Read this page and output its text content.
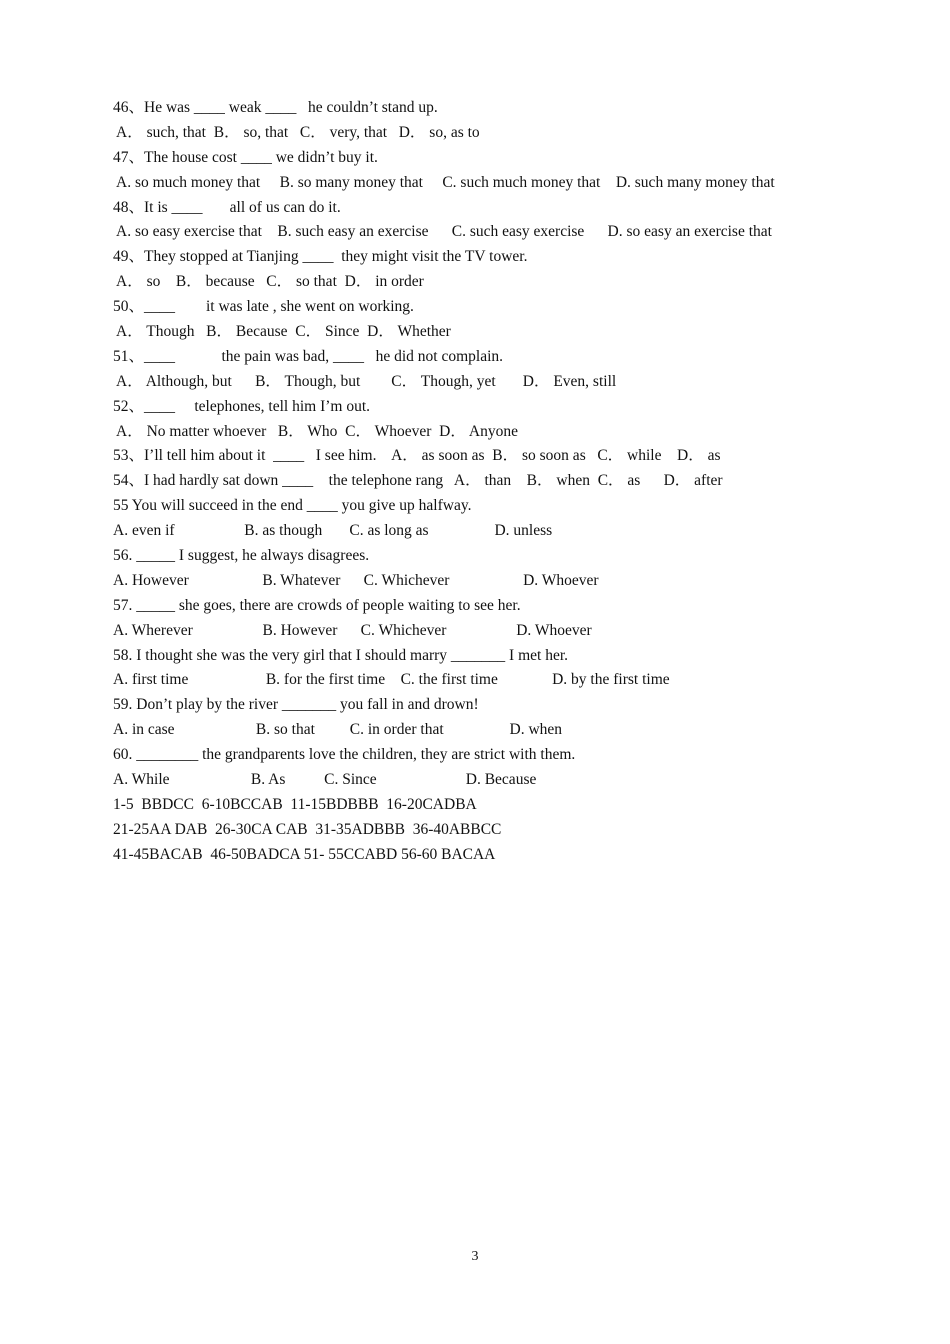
46、He was ____ weak ____   he couldn’t stand up.
A． such, that  B． so, that   C． very, that   D． so, as to
47、The house cost ____ we didn’t buy it.
A. so much money that     B. so many money that     C. such much money that    D. such many money that
48、It is ____       all of us can do it.
A. so easy exercise that    B. such easy an exercise      C. such easy exercise      D. so easy an exercise that
49、They stopped at Tianjing ____  they might visit the TV tower.
A． so    B． because   C． so that  D． in order
50、____        it was late , she went on working.
A． Though   B． Because  C． Since  D． Whether
51、____            the pain was bad, ____   he did not complain.
A． Although, but      B． Though, but        C． Though, yet       D． Even, still
52、____     telephones, tell him I’m out.
A． No matter whoever   B． Who  C． Whoever  D． Anyone
53、I’ll tell him about it  ____   I see him.    A． as soon as  B． so soon as   C． while    D． as
54、I had hardly sat down ____    the telephone rang   A． than    B． when  C． as      D． after
55 You will succeed in the end ____ you give up halfway.
A. even if                  B. as though       C. as long as                 D. unless
56. _____ I suggest, he always disagrees.
A. However                   B. Whatever      C. Whichever                   D. Whoever
57. _____ she goes, there are crowds of people waiting to see her.
A. Wherever                  B. However      C. Whichever                  D. Whoever
58. I thought she was the very girl that I should marry _______ I met her.
A. first time                    B. for the first time    C. the first time              D. by the first time
59. Don’t play by the river _______ you fall in and drown!
A. in case                     B. so that         C. in order that                 D. when
60. ________ the grandparents love the children, they are strict with them.
A. While                     B. As          C. Since                       D. Because
1-5  BBDCC  6-10BCCAB  11-15BDBBB  16-20CADBA
21-25AA DAB  26-30CA CAB  31-35ADBBB  36-40ABBCC
41-45BACAB  46-50BADCA 51- 55CCABD 56-60 BACAA
3
